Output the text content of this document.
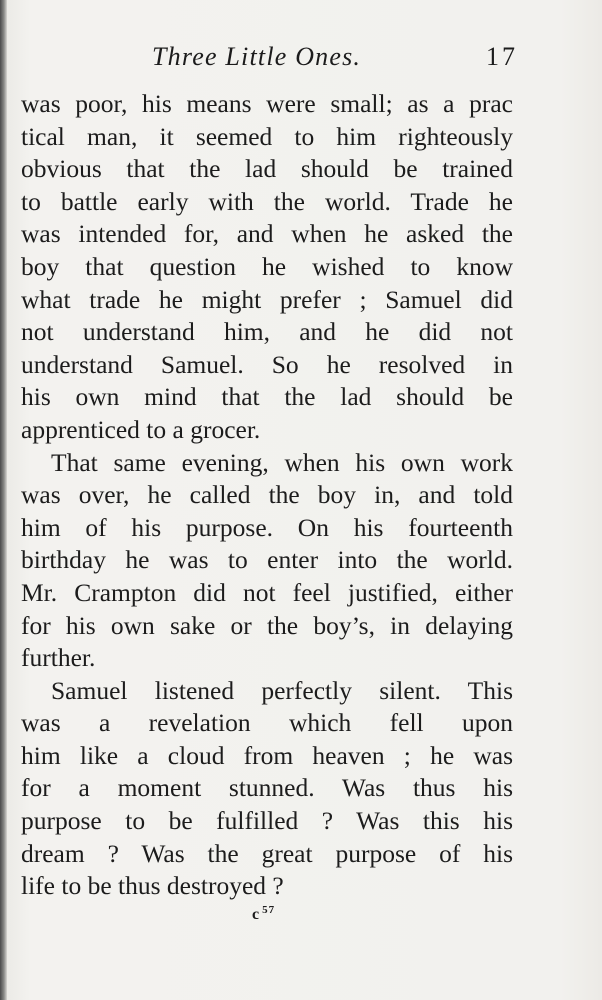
Three Little Ones.	17
was poor, his means were small; as a prac
tical man, it seemed to him righteously
obvious that the lad should be trained
to battle early with the world. Trade he
was intended for, and when he asked the
boy that question he wished to know
what trade he might prefer ; Samuel did
not understand him, and he did not
understand Samuel. So he resolved in
his own mind that the lad should be
apprenticed to a grocer.
That same evening, when his own work
was over, he called the boy in, and told
him of his purpose. On his fourteenth
birthday he was to enter into the world.
Mr. Crampton did not feel justified, either
for his own sake or the boy’s, in delaying
further.
Samuel listened perfectly silent. This
was a revelation which fell upon
him like a cloud from heaven ; he was
for a moment stunned. Was thus his
purpose to be fulfilled ? Was this his
dream ? Was the great purpose of his
life to be thus destroyed ?
c $^{57}$
